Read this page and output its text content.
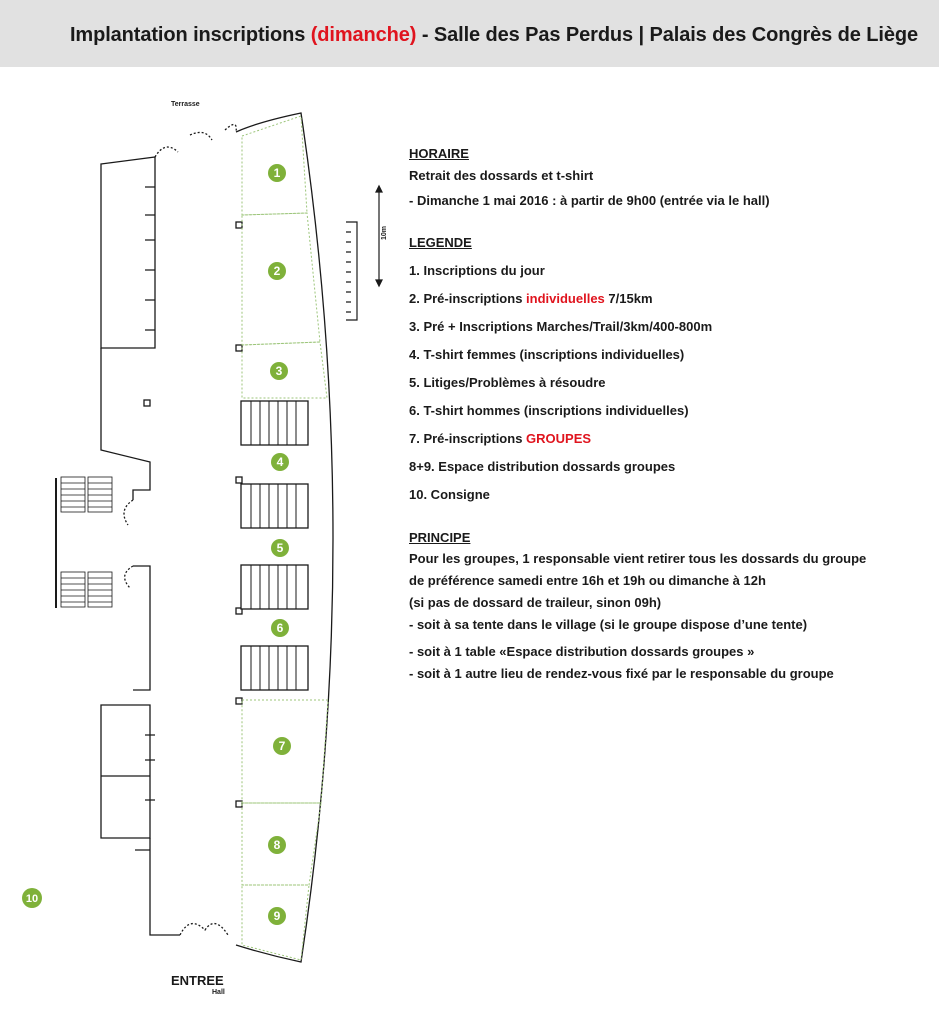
Implantation inscriptions (dimanche) - Salle des Pas Perdus | Palais des Congrès de Liège
1
2
3
4
5
6
7
8
9
10
Terrasse
ENTREE
Hall
10m
HORAIRE
Retrait des dossards et t-shirt
- Dimanche 1 mai 2016 : à partir de 9h00 (entrée via le hall)
LEGENDE
1. Inscriptions du jour
2. Pré-inscriptions individuelles 7/15km
3. Pré + Inscriptions Marches/Trail/3km/400-800m
4. T-shirt femmes (inscriptions individuelles)
5. Litiges/Problèmes à résoudre
6. T-shirt hommes (inscriptions individuelles)
7. Pré-inscriptions GROUPES
8+9. Espace distribution dossards groupes
10. Consigne
PRINCIPE
Pour les groupes, 1 responsable vient retirer tous les dossards du groupe
de préférence samedi entre 16h et 19h ou dimanche à 12h
(si pas de dossard de traileur, sinon 09h)
- soit à sa tente dans le village (si le groupe dispose d’une tente)
- soit à 1 table «Espace distribution dossards groupes »
- soit à 1 autre lieu de rendez-vous fixé par le responsable du groupe
